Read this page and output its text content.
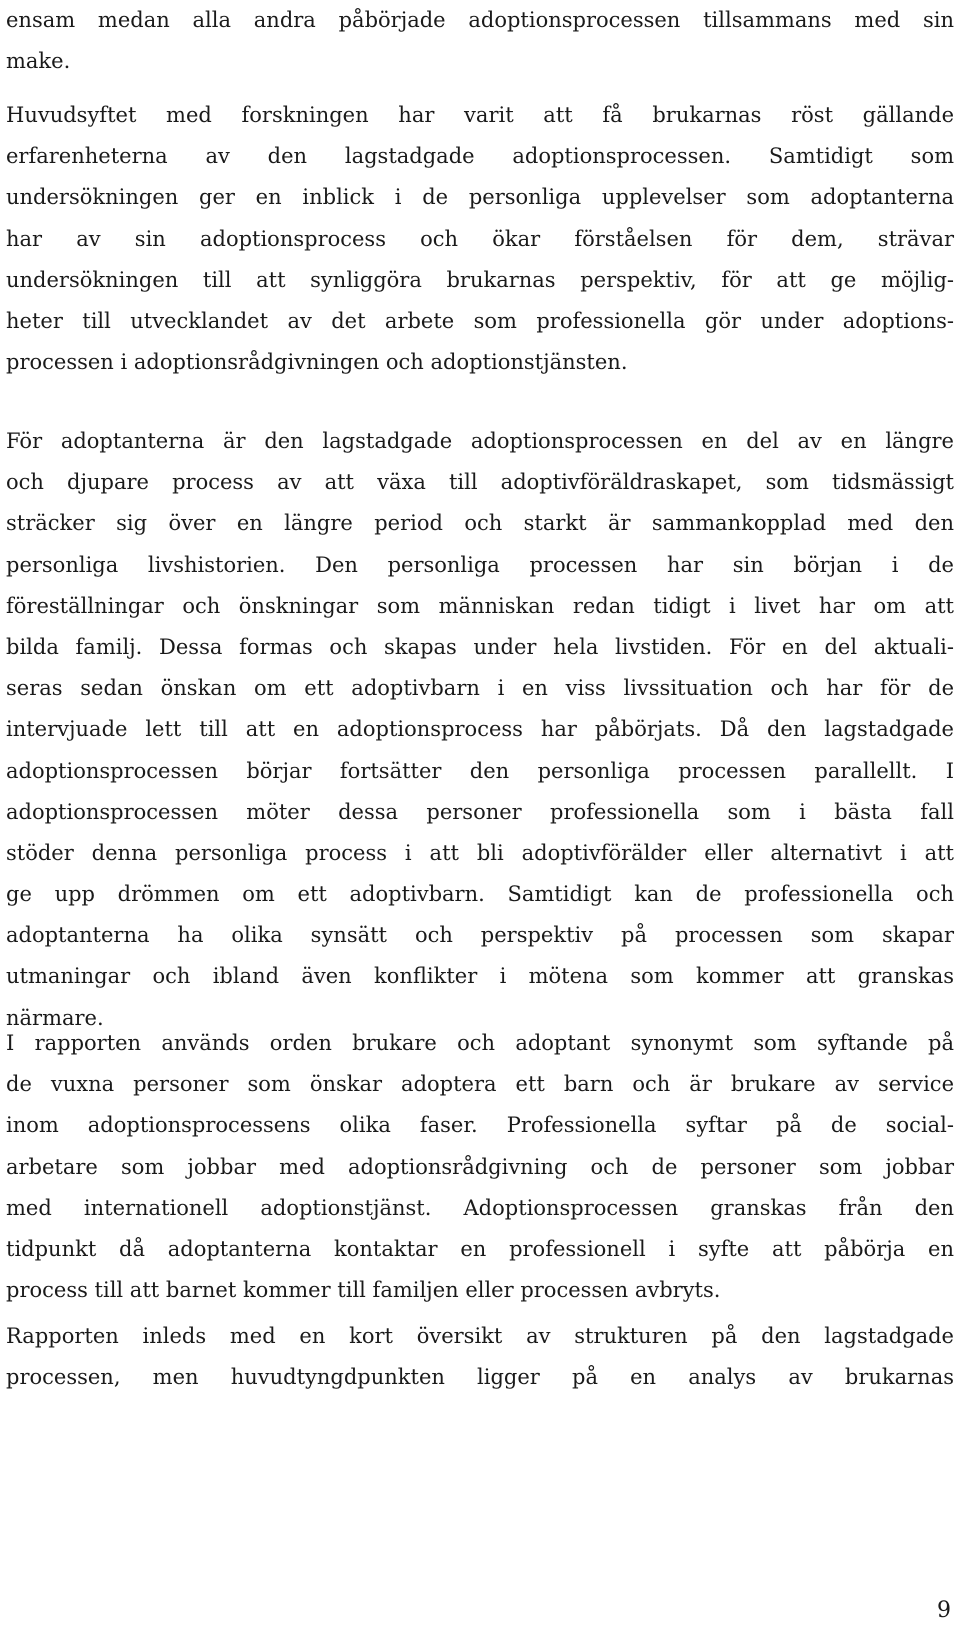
ensam medan alla andra påbörjade adoptionsprocessen tillsammans med sin
make.
Huvudsyftet med forskningen har varit att få brukarnas röst gällande
erfarenheterna av den lagstadgade adoptionsprocessen. Samtidigt som
undersökningen ger en inblick i de personliga upplevelser som adoptanterna
har av sin adoptionsprocess och ökar förståelsen för dem, strävar
undersökningen till att synliggöra brukarnas perspektiv, för att ge möjlig-
heter till utvecklandet av det arbete som professionella gör under adoptions-
processen i adoptionsrådgivningen och adoptionstjänsten.
För adoptanterna är den lagstadgade adoptionsprocessen en del av en längre
och djupare process av att växa till adoptivföräldraskapet, som tidsmässigt
sträcker sig över en längre period och starkt är sammankopplad med den
personliga livshistorien. Den personliga processen har sin början i de
föreställningar och önskningar som människan redan tidigt i livet har om att
bilda familj. Dessa formas och skapas under hela livstiden. För en del aktuali-
seras sedan önskan om ett adoptivbarn i en viss livssituation och har för de
intervjuade lett till att en adoptionsprocess har påbörjats. Då den lagstadgade
adoptionsprocessen börjar fortsätter den personliga processen parallellt. I
adoptionsprocessen möter dessa personer professionella som i bästa fall
stöder denna personliga process i att bli adoptivförälder eller alternativt i att
ge upp drömmen om ett adoptivbarn. Samtidigt kan de professionella och
adoptanterna ha olika synsätt och perspektiv på processen som skapar
utmaningar och ibland även konflikter i mötena som kommer att granskas
närmare.
I rapporten används orden brukare och adoptant synonymt som syftande på
de vuxna personer som önskar adoptera ett barn och är brukare av service
inom adoptionsprocessens olika faser. Professionella syftar på de social-
arbetare som jobbar med adoptionsrådgivning och de personer som jobbar
med internationell adoptionstjänst. Adoptionsprocessen granskas från den
tidpunkt då adoptanterna kontaktar en professionell i syfte att påbörja en
process till att barnet kommer till familjen eller processen avbryts.
Rapporten inleds med en kort översikt av strukturen på den lagstadgade
processen, men huvudtyngdpunkten ligger på en analys av brukarnas
9
